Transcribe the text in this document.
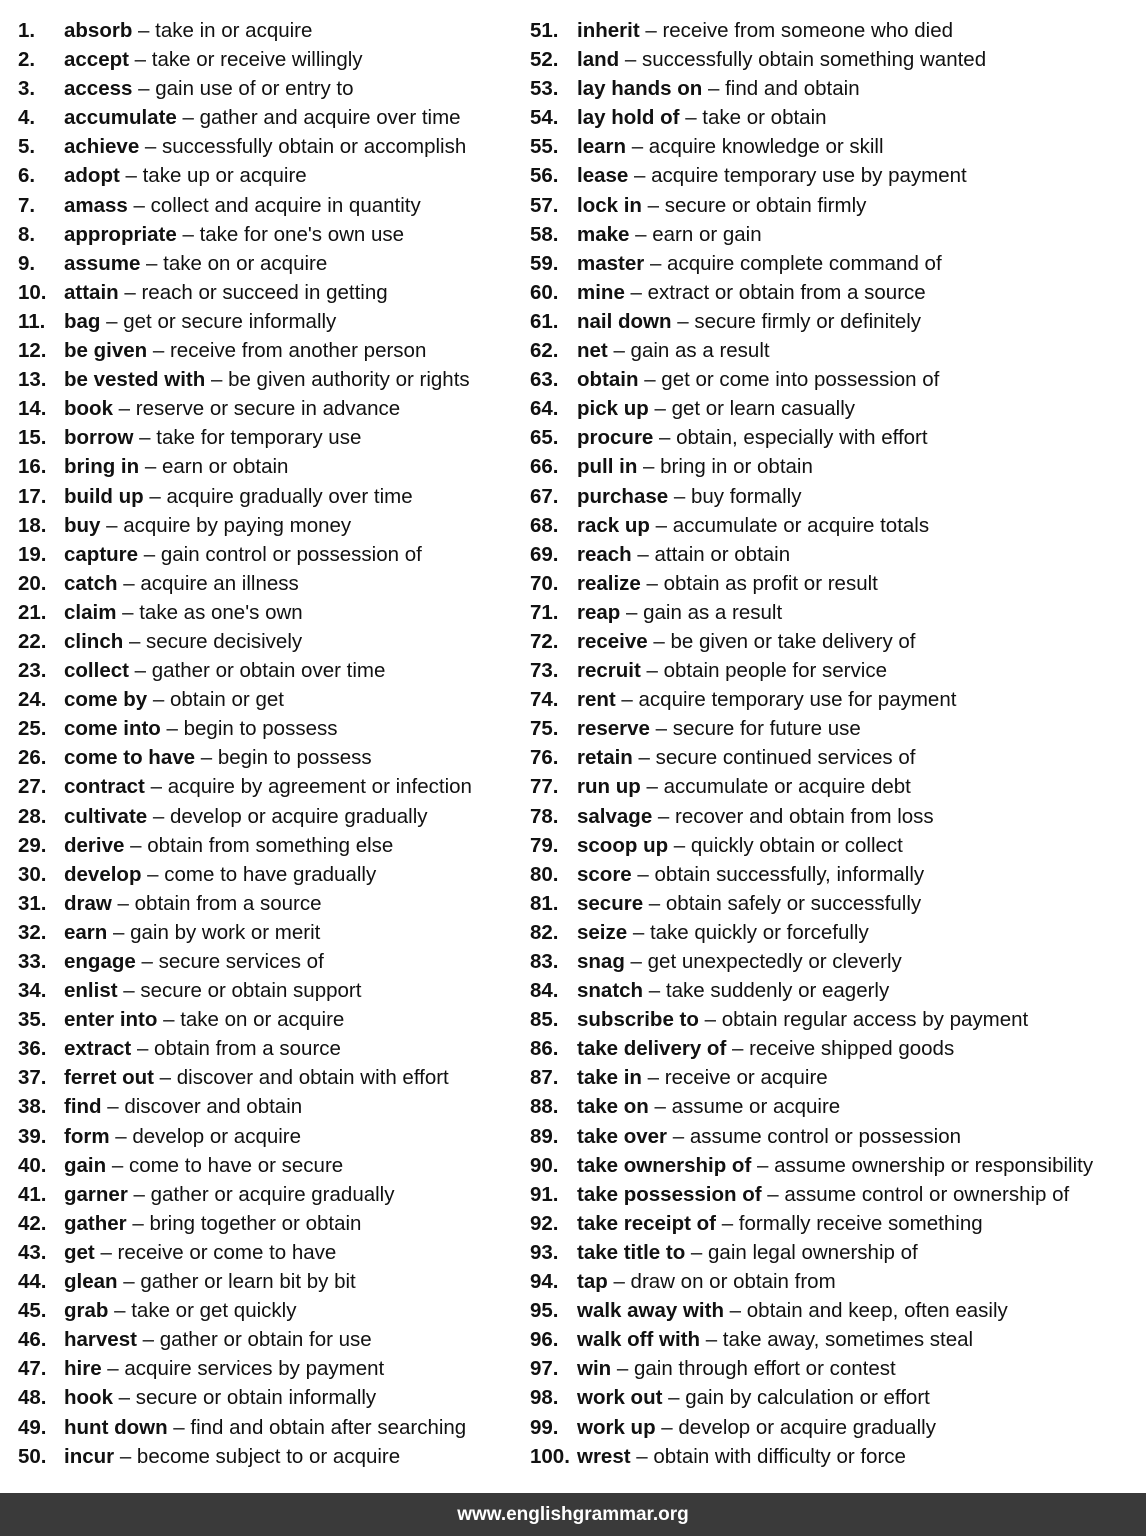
1. absorb – take in or acquire
2. accept – take or receive willingly
3. access – gain use of or entry to
4. accumulate – gather and acquire over time
5. achieve – successfully obtain or accomplish
6. adopt – take up or acquire
7. amass – collect and acquire in quantity
8. appropriate – take for one's own use
9. assume – take on or acquire
10. attain – reach or succeed in getting
11. bag – get or secure informally
12. be given – receive from another person
13. be vested with – be given authority or rights
14. book – reserve or secure in advance
15. borrow – take for temporary use
16. bring in – earn or obtain
17. build up – acquire gradually over time
18. buy – acquire by paying money
19. capture – gain control or possession of
20. catch – acquire an illness
21. claim – take as one's own
22. clinch – secure decisively
23. collect – gather or obtain over time
24. come by – obtain or get
25. come into – begin to possess
26. come to have – begin to possess
27. contract – acquire by agreement or infection
28. cultivate – develop or acquire gradually
29. derive – obtain from something else
30. develop – come to have gradually
31. draw – obtain from a source
32. earn – gain by work or merit
33. engage – secure services of
34. enlist – secure or obtain support
35. enter into – take on or acquire
36. extract – obtain from a source
37. ferret out – discover and obtain with effort
38. find – discover and obtain
39. form – develop or acquire
40. gain – come to have or secure
41. garner – gather or acquire gradually
42. gather – bring together or obtain
43. get – receive or come to have
44. glean – gather or learn bit by bit
45. grab – take or get quickly
46. harvest – gather or obtain for use
47. hire – acquire services by payment
48. hook – secure or obtain informally
49. hunt down – find and obtain after searching
50. incur – become subject to or acquire
51. inherit – receive from someone who died
52. land – successfully obtain something wanted
53. lay hands on – find and obtain
54. lay hold of – take or obtain
55. learn – acquire knowledge or skill
56. lease – acquire temporary use by payment
57. lock in – secure or obtain firmly
58. make – earn or gain
59. master – acquire complete command of
60. mine – extract or obtain from a source
61. nail down – secure firmly or definitely
62. net – gain as a result
63. obtain – get or come into possession of
64. pick up – get or learn casually
65. procure – obtain, especially with effort
66. pull in – bring in or obtain
67. purchase – buy formally
68. rack up – accumulate or acquire totals
69. reach – attain or obtain
70. realize – obtain as profit or result
71. reap – gain as a result
72. receive – be given or take delivery of
73. recruit – obtain people for service
74. rent – acquire temporary use for payment
75. reserve – secure for future use
76. retain – secure continued services of
77. run up – accumulate or acquire debt
78. salvage – recover and obtain from loss
79. scoop up – quickly obtain or collect
80. score – obtain successfully, informally
81. secure – obtain safely or successfully
82. seize – take quickly or forcefully
83. snag – get unexpectedly or cleverly
84. snatch – take suddenly or eagerly
85. subscribe to – obtain regular access by payment
86. take delivery of – receive shipped goods
87. take in – receive or acquire
88. take on – assume or acquire
89. take over – assume control or possession
90. take ownership of – assume ownership or responsibility
91. take possession of – assume control or ownership of
92. take receipt of – formally receive something
93. take title to – gain legal ownership of
94. tap – draw on or obtain from
95. walk away with – obtain and keep, often easily
96. walk off with – take away, sometimes steal
97. win – gain through effort or contest
98. work out – gain by calculation or effort
99. work up – develop or acquire gradually
100. wrest – obtain with difficulty or force
www.englishgrammar.org
